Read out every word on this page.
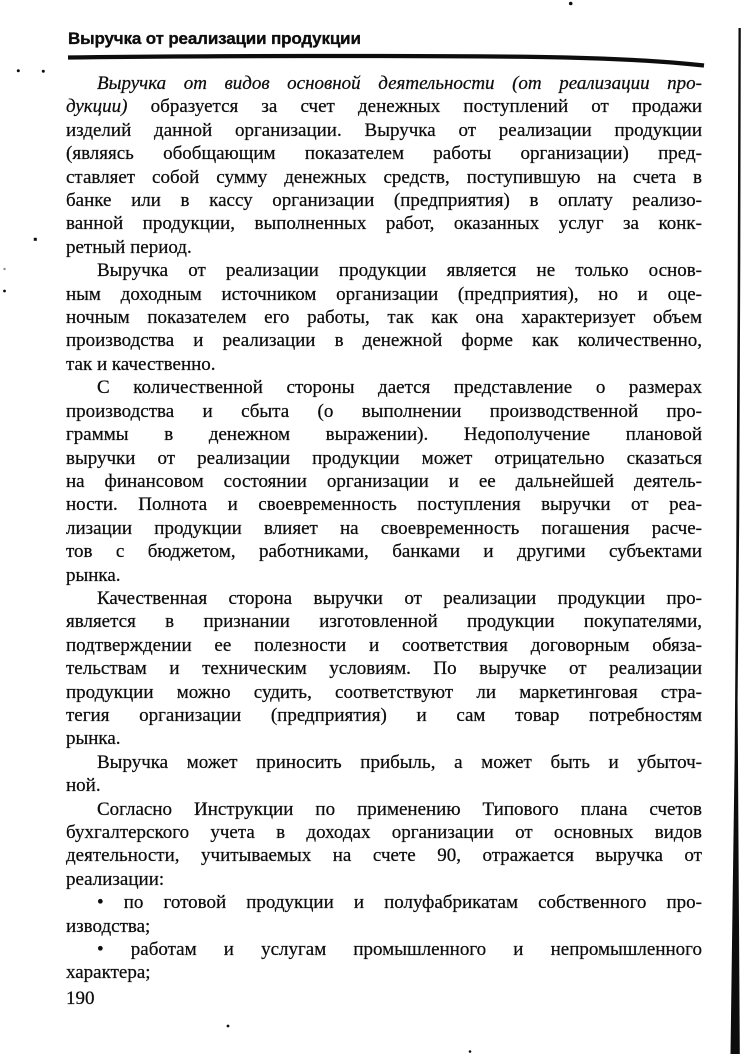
Выручка от реализации продукции
Выручка от видов основной деятельности (от реализации про-
дукции) образуется за счет денежных поступлений от продажи
изделий данной организации. Выручка от реализации продукции
(являясь обобщающим показателем работы организации) пред-
ставляет собой сумму денежных средств, поступившую на счета в
банке или в кассу организации (предприятия) в оплату реализо-
ванной продукции, выполненных работ, оказанных услуг за конк-
ретный период.
Выручка от реализации продукции является не только основ-
ным доходным источником организации (предприятия), но и оце-
ночным показателем его работы, так как она характеризует объем
производства и реализации в денежной форме как количественно,
так и качественно.
С количественной стороны дается представление о размерах
производства и сбыта (о выполнении производственной про-
граммы в денежном выражении). Недополучение плановой
выручки от реализации продукции может отрицательно сказаться
на финансовом состоянии организации и ее дальнейшей деятель-
ности. Полнота и своевременность поступления выручки от реа-
лизации продукции влияет на своевременность погашения расче-
тов с бюджетом, работниками, банками и другими субъектами
рынка.
Качественная сторона выручки от реализации продукции про-
является в признании изготовленной продукции покупателями,
подтверждении ее полезности и соответствия договорным обяза-
тельствам и техническим условиям. По выручке от реализации
продукции можно судить, соответствуют ли маркетинговая стра-
тегия организации (предприятия) и сам товар потребностям
рынка.
Выручка может приносить прибыль, а может быть и убыточ-
ной.
Согласно Инструкции по применению Типового плана счетов
бухгалтерского учета в доходах организации от основных видов
деятельности, учитываемых на счете 90, отражается выручка от
реализации:
• по готовой продукции и полуфабрикатам собственного про-
изводства;
• работам и услугам промышленного и непромышленного
характера;
190
